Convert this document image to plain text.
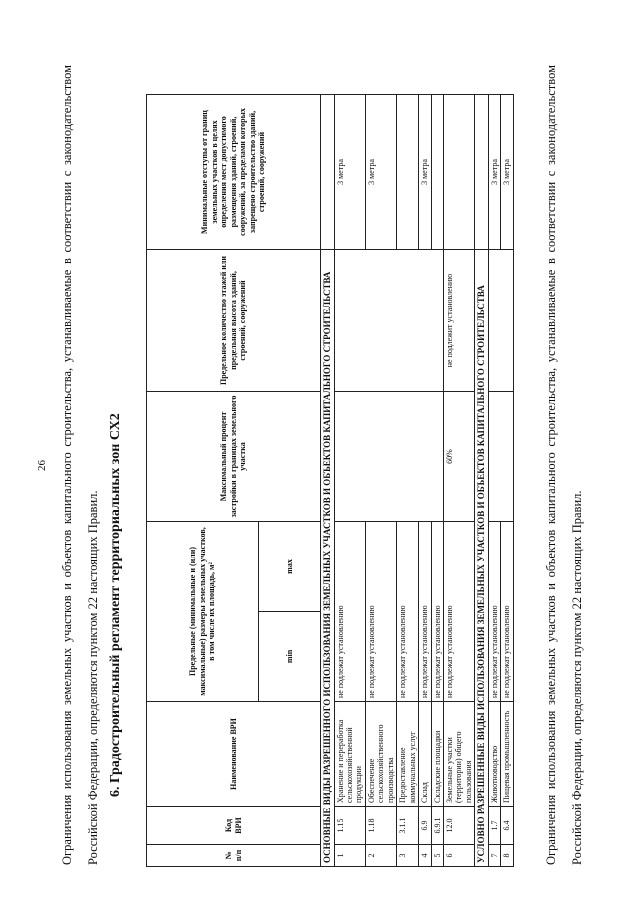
26 Ограничения использования земельных участков и объектов капитального строительства, устанавливаемые в соответствии с законодательством Российской Федерации, определяются пунктом 22 настоящих Правил. 6. Градостроительный регламент территориальных зон СХ2
№ п/п	Код ВРИ	Наименование ВРИ	Предельные (минимальные и (или) максимальные) размеры земельных участков, в том числе их площадь, м²		Максимальный процент застройки в границах земельного участка	Предельное количество этажей или предельная высота зданий, строений, сооружений	Минимальные отступы от границ земельных участков в целях определения мест допустимого размещения зданий, строений, сооружений, за пределами которых запрещено строительство зданий, строений, сооружений
			min	max			
ОСНОВНЫЕ ВИДЫ РАЗРЕШЕННОГО ИСПОЛЬЗОВАНИЯ ЗЕМЕЛЬНЫХ УЧАСТКОВ И ОБЪЕКТОВ КАПИТАЛЬНОГО СТРОИТЕЛЬСТВА							
1	1.15	Хранение и переработка сельскохозяйственной продукции	не подлежат установлению				3 метра
2	1.18	Обеспечение сельскохозяйственного производства	не подлежат установлению				3 метра
3	3.1.1	Предоставление коммунальных услуг	не подлежат установлению				
4	6.9	Склад	не подлежат установлению				3 метра
5	6.9.1	Складские площадки	не подлежат установлению				
6	12.0	Земельные участки (территории) общего пользования	не подлежат установлению		60%	не подлежит установлению	
УСЛОВНО РАЗРЕШЕННЫЕ ВИДЫ ИСПОЛЬЗОВАНИЯ ЗЕМЕЛЬНЫХ УЧАСТКОВ И ОБЪЕКТОВ КАПИТАЛЬНОГО СТРОИТЕЛЬСТВА							
7	1.7	Животноводство	не подлежат установлению				3 метра
8	6.4	Пищевая промышленность	не подлежат установлению				3 метра	Ограничения использования земельных участков и объектов капитального строительства, устанавливаемые в соответствии с законодательством Российской Федерации, определяются пунктом 22 настоящих Правил.
